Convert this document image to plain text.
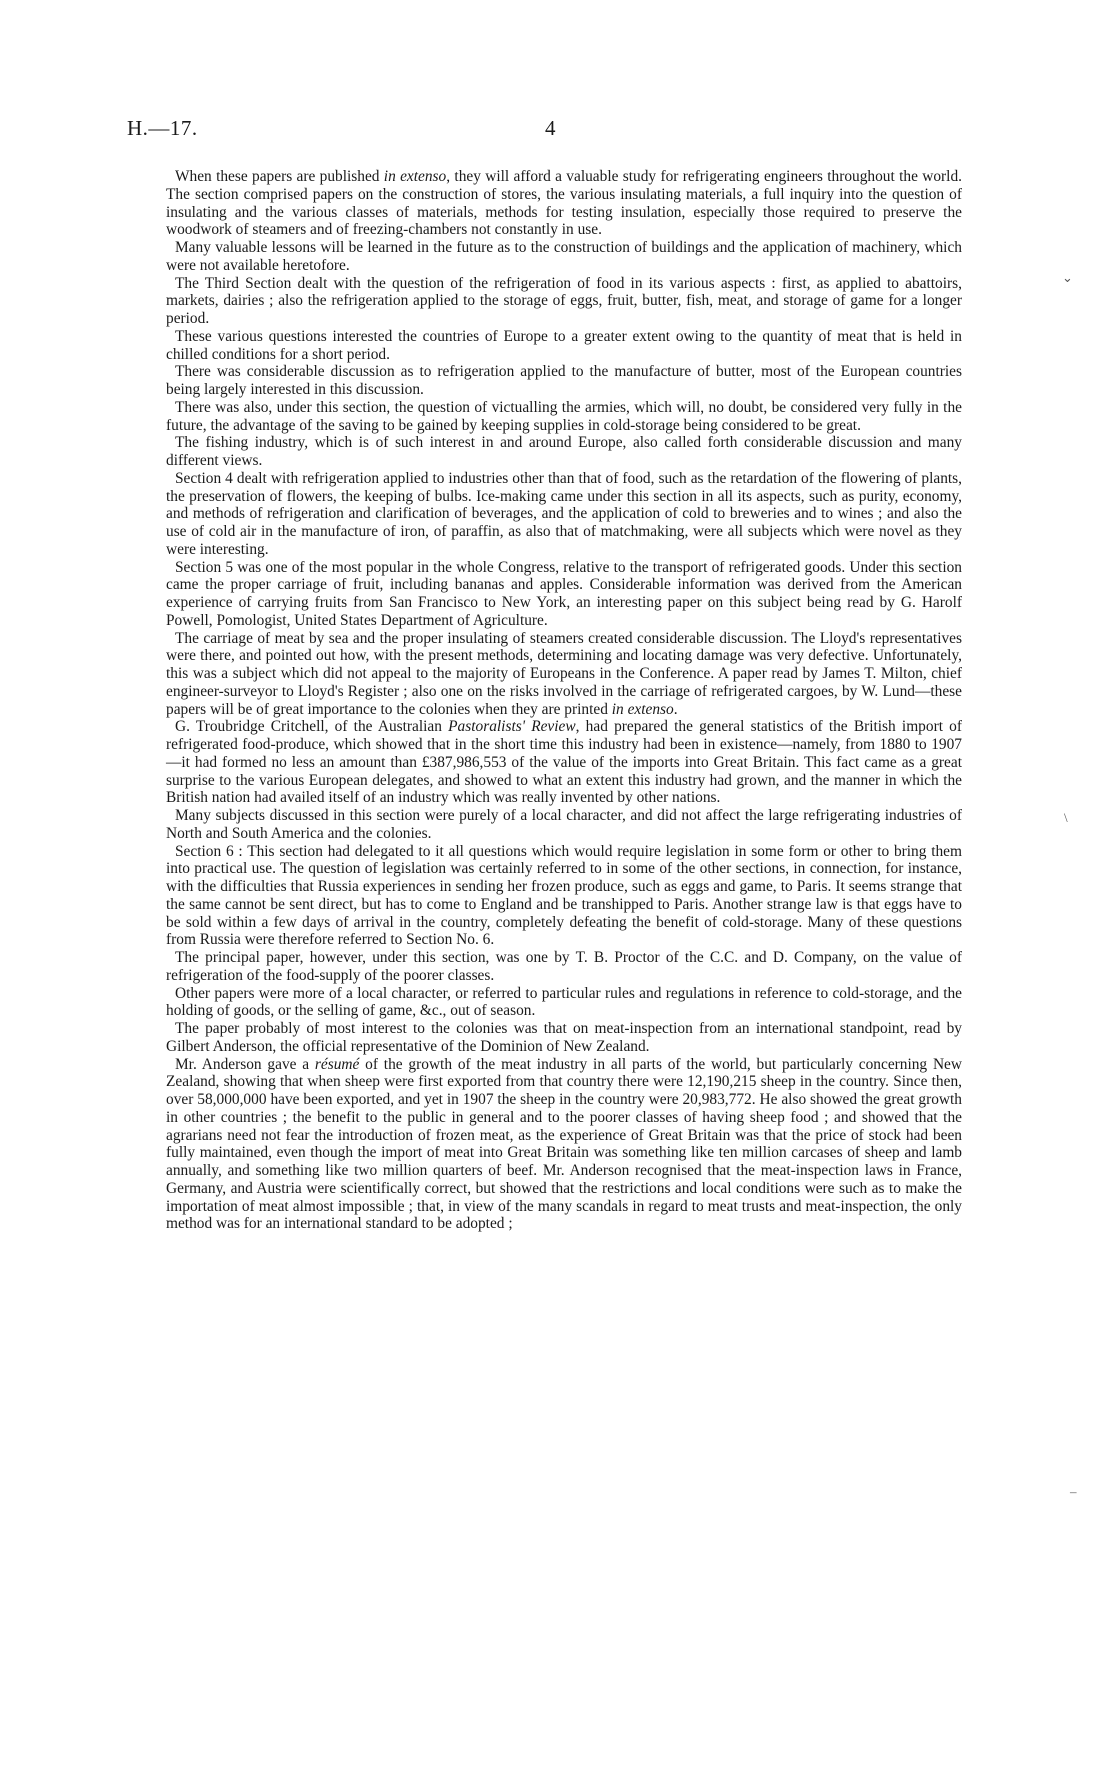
H.—17.	4

When these papers are published in extenso, they will afford a valuable study for refrigerating engineers throughout the world. The section comprised papers on the construction of stores, the various insulating materials, a full inquiry into the question of insulating and the various classes of materials, methods for testing insulation, especially those required to preserve the woodwork of steamers and of freezing-chambers not constantly in use.

Many valuable lessons will be learned in the future as to the construction of buildings and the application of machinery, which were not available heretofore.

The Third Section dealt with the question of the refrigeration of food in its various aspects : first, as applied to abattoirs, markets, dairies ; also the refrigeration applied to the storage of eggs, fruit, butter, fish, meat, and storage of game for a longer period.

These various questions interested the countries of Europe to a greater extent owing to the quantity of meat that is held in chilled conditions for a short period.

There was considerable discussion as to refrigeration applied to the manufacture of butter, most of the European countries being largely interested in this discussion.

There was also, under this section, the question of victualling the armies, which will, no doubt, be considered very fully in the future, the advantage of the saving to be gained by keeping supplies in cold-storage being considered to be great.

The fishing industry, which is of such interest in and around Europe, also called forth considerable discussion and many different views.

Section 4 dealt with refrigeration applied to industries other than that of food, such as the retardation of the flowering of plants, the preservation of flowers, the keeping of bulbs. Ice-making came under this section in all its aspects, such as purity, economy, and methods of refrigeration and clarification of beverages, and the application of cold to breweries and to wines ; and also the use of cold air in the manufacture of iron, of paraffin, as also that of matchmaking, were all subjects which were novel as they were interesting.

Section 5 was one of the most popular in the whole Congress, relative to the transport of refrigerated goods. Under this section came the proper carriage of fruit, including bananas and apples. Considerable information was derived from the American experience of carrying fruits from San Francisco to New York, an interesting paper on this subject being read by G. Harolf Powell, Pomologist, United States Department of Agriculture.

The carriage of meat by sea and the proper insulating of steamers created considerable discussion. The Lloyd's representatives were there, and pointed out how, with the present methods, determining and locating damage was very defective. Unfortunately, this was a subject which did not appeal to the majority of Europeans in the Conference. A paper read by James T. Milton, chief engineer-surveyor to Lloyd's Register ; also one on the risks involved in the carriage of refrigerated cargoes, by W. Lund—these papers will be of great importance to the colonies when they are printed in extenso.

G. Troubridge Critchell, of the Australian Pastoralists' Review, had prepared the general statistics of the British import of refrigerated food-produce, which showed that in the short time this industry had been in existence—namely, from 1880 to 1907—it had formed no less an amount than £387,986,553 of the value of the imports into Great Britain. This fact came as a great surprise to the various European delegates, and showed to what an extent this industry had grown, and the manner in which the British nation had availed itself of an industry which was really invented by other nations.

Many subjects discussed in this section were purely of a local character, and did not affect the large refrigerating industries of North and South America and the colonies.

Section 6 : This section had delegated to it all questions which would require legislation in some form or other to bring them into practical use. The question of legislation was certainly referred to in some of the other sections, in connection, for instance, with the difficulties that Russia experiences in sending her frozen produce, such as eggs and game, to Paris. It seems strange that the same cannot be sent direct, but has to come to England and be transhipped to Paris. Another strange law is that eggs have to be sold within a few days of arrival in the country, completely defeating the benefit of cold-storage. Many of these questions from Russia were therefore referred to Section No. 6.

The principal paper, however, under this section, was one by T. B. Proctor of the C.C. and D. Company, on the value of refrigeration of the food-supply of the poorer classes.

Other papers were more of a local character, or referred to particular rules and regulations in reference to cold-storage, and the holding of goods, or the selling of game, &c., out of season.

The paper probably of most interest to the colonies was that on meat-inspection from an international standpoint, read by Gilbert Anderson, the official representative of the Dominion of New Zealand.

Mr. Anderson gave a résumé of the growth of the meat industry in all parts of the world, but particularly concerning New Zealand, showing that when sheep were first exported from that country there were 12,190,215 sheep in the country. Since then, over 58,000,000 have been exported, and yet in 1907 the sheep in the country were 20,983,772. He also showed the great growth in other countries ; the benefit to the public in general and to the poorer classes of having sheep food ; and showed that the agrarians need not fear the introduction of frozen meat, as the experience of Great Britain was that the price of stock had been fully maintained, even though the import of meat into Great Britain was something like ten million carcases of sheep and lamb annually, and something like two million quarters of beef. Mr. Anderson recognised that the meat-inspection laws in France, Germany, and Austria were scientifically correct, but showed that the restrictions and local conditions were such as to make the importation of meat almost impossible ; that, in view of the many scandals in regard to meat trusts and meat-inspection, the only method was for an international standard to be adopted ;

⌄
\
–
